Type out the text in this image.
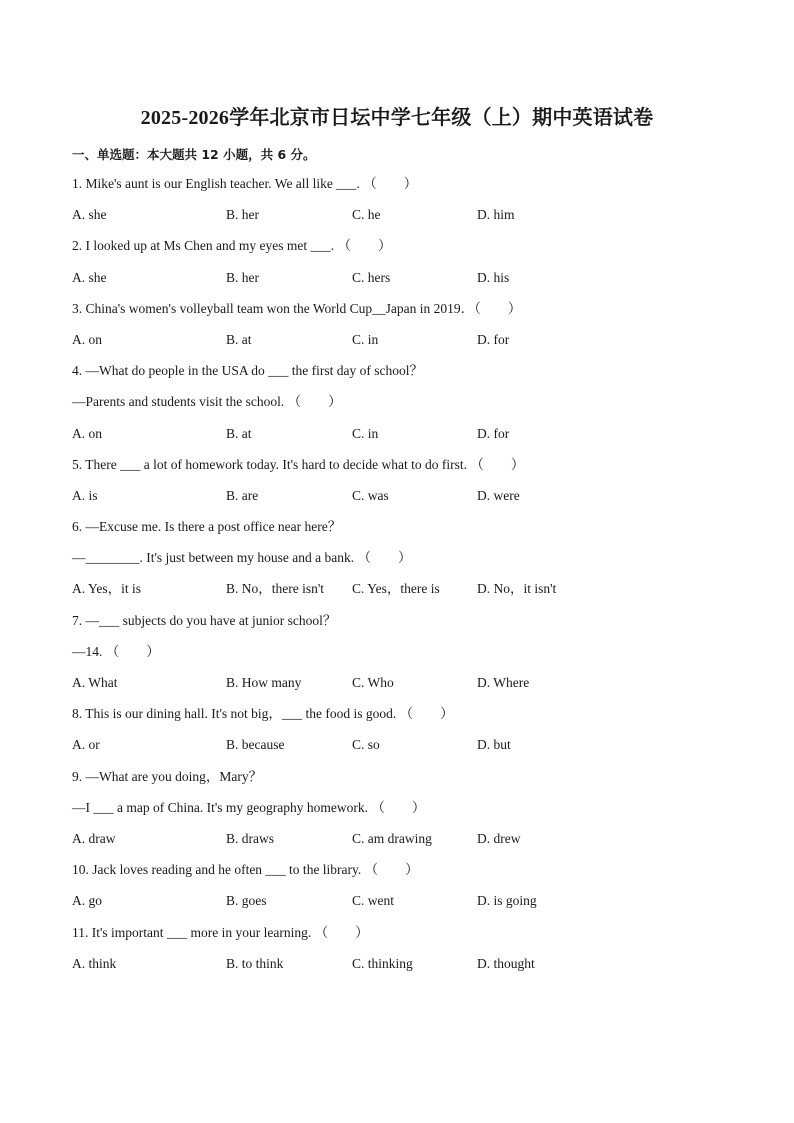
2025-2026学年北京市日坛中学七年级（上）期中英语试卷
一、单选题：本大题共 12 小题，共 6 分。
1. Mike's aunt is our English teacher. We all like ___. （　　）
A. she	B. her	C. he	D. him
2. I looked up at Ms Chen and my eyes met ___. （　　）
A. she	B. her	C. hers	D. his
3. China's women's volleyball team won the World Cup__Japan in 2019．（　　）
A. on	B. at	C. in	D. for
4. —What do people in the USA do ___ the first day of school？
—Parents and students visit the school. （　　）
A. on	B. at	C. in	D. for
5. There ___ a lot of homework today. It's hard to decide what to do first. （　　）
A. is	B. are	C. was	D. were
6. —Excuse me. Is there a post office near here？
—________. It's just between my house and a bank. （　　）
A. Yes，it is	B. No，there isn't C. Yes，there is	D. No，it isn't
7. —___ subjects do you have at junior school？
—14. （　　）
A. What	B. How many	C. Who	D. Where
8. This is our dining hall. It's not big，___ the food is good. （　　）
A. or	B. because	C. so	D. but
9. —What are you doing，Mary？
—I ___ a map of China. It's my geography homework. （　　）
A. draw	B. draws	C. am drawing	D. drew
10. Jack loves reading and he often ___ to the library. （　　）
A. go	B. goes	C. went	D. is going
11. It's important ___ more in your learning. （　　）
A. think	B. to think	C. thinking	D. thought
